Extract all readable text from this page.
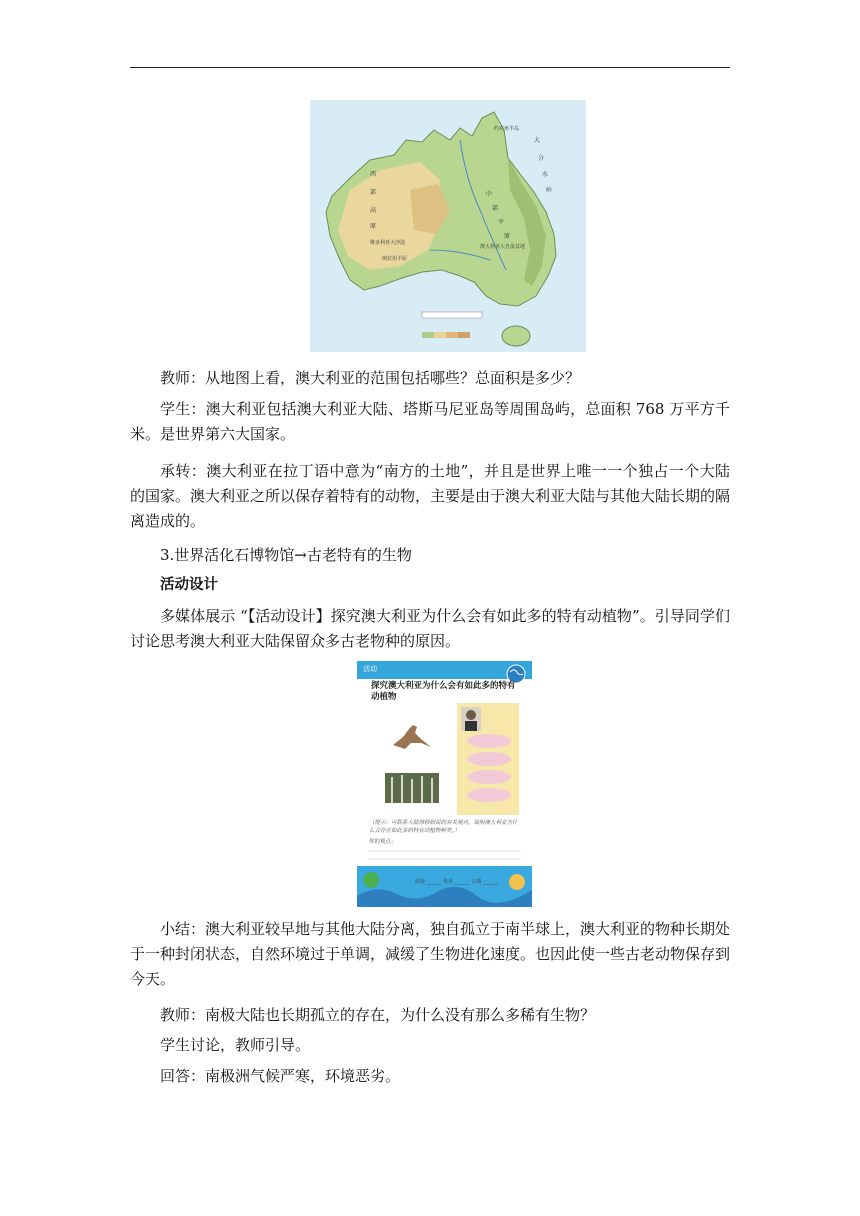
西
部
高
原
中
部
平
原
大
分
水
岭
澳大利亚大自流盆地
维多利亚大沙漠
纳拉伯平原
约克角半岛
教师：从地图上看，澳大利亚的范围包括哪些？总面积是多少？
学生：澳大利亚包括澳大利亚大陆、塔斯马尼亚岛等周围岛屿，总面积 768 万平方千米。是世界第六大国家。
承转：澳大利亚在拉丁语中意为“南方的土地”，并且是世界上唯一一个独占一个大陆的国家。澳大利亚之所以保存着特有的动物，主要是由于澳大利亚大陆与其他大陆长期的隔离造成的。
3.世界活化石博物馆→古老特有的生物
活动设计
多媒体展示 “【活动设计】探究澳大利亚为什么会有如此多的特有动植物”。引导同学们讨论思考澳大利亚大陆保留众多古老物种的原因。
活动
探究澳大利亚为什么会有如此多的特有动植物
（提示：可联系大陆漂移假说的有关观点，说明澳大利亚为什么会存在如此多的特有动植物种类。）
你的观点：
班级 ______ 姓名 ______ 日期 ______
小结：澳大利亚较早地与其他大陆分离，独自孤立于南半球上，澳大利亚的物种长期处于一种封闭状态，自然环境过于单调，减缓了生物进化速度。也因此使一些古老动物保存到今天。
教师：南极大陆也长期孤立的存在，为什么没有那么多稀有生物？
学生讨论，教师引导。
回答：南极洲气候严寒，环境恶劣。
